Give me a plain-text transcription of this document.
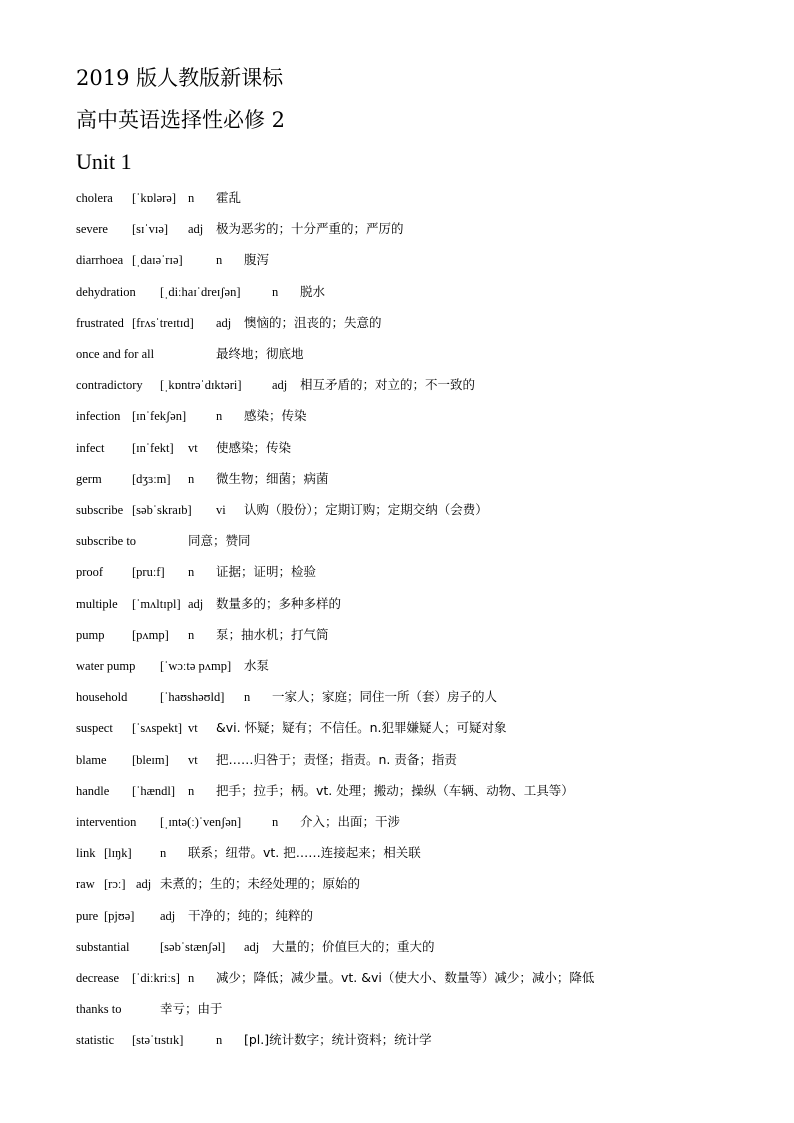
2019 版人教版新课标
高中英语选择性必修 2
Unit 1
cholera [ˈkɒlərə] n 霍乱
severe [sɪˈvɪə] adj 极为恶劣的；十分严重的；严厉的
diarrhoea [ˌdaɪəˈrɪə]	n 腹泻
dehydration [ˌdiːhaɪˈdreɪʃən]	n 脱水
frustrated [frʌsˈtreɪtɪd] adj 懊恼的；沮丧的；失意的
once and for all	最终地；彻底地
contradictory [ˌkɒntrəˈdɪktəri] adj 相互矛盾的；对立的；不一致的
infection [ɪnˈfekʃən] n 感染；传染
infect [ɪnˈfekt] vt 使感染；传染
germ [dʒɜːm] n 微生物；细菌；病菌
subscribe [səbˈskraɪb] vi 认购（股份）；定期订购；定期交纳（会费）
subscribe to	同意；赞同
proof [pruːf] n 证据；证明；检验
multiple [ˈmʌltɪpl] adj 数量多的；多种多样的
pump [pʌmp] n 泵；抽水机；打气筒
water pump [ˈwɔːtə pʌmp] 水泵
household	[ˈhaʊshəʊld] n 一家人；家庭；同住一所（套）房子的人
suspect [ˈsʌspekt] vt &vi. 怀疑；疑有；不信任。n.犯罪嫌疑人；可疑对象
blame [bleɪm] vt 把……归咎于；责怪；指责。n. 责备；指责
handle [ˈhændl] n 把手；拉手；柄。vt. 处理；搬动；操纵（车辆、动物、工具等）
intervention [ˌɪntə(ː)ˈvenʃən] n 介入；出面；干涉
link [lɪŋk] n 联系；纽带。vt. 把……连接起来；相关联
raw [rɔː] adj 未煮的；生的；未经处理的；原始的
pure [pjʊə] adj 干净的；纯的；纯粹的
substantial [səbˈstænʃəl] adj 大量的；价值巨大的；重大的
decrease [ˈdiːkriːs] n 减少；降低；减少量。vt. &vi（使大小、数量等）减少；减小；降低
thanks to	幸亏；由于
statistic [stəˈtɪstɪk]	n [pl.]统计数字；统计资料；统计学
